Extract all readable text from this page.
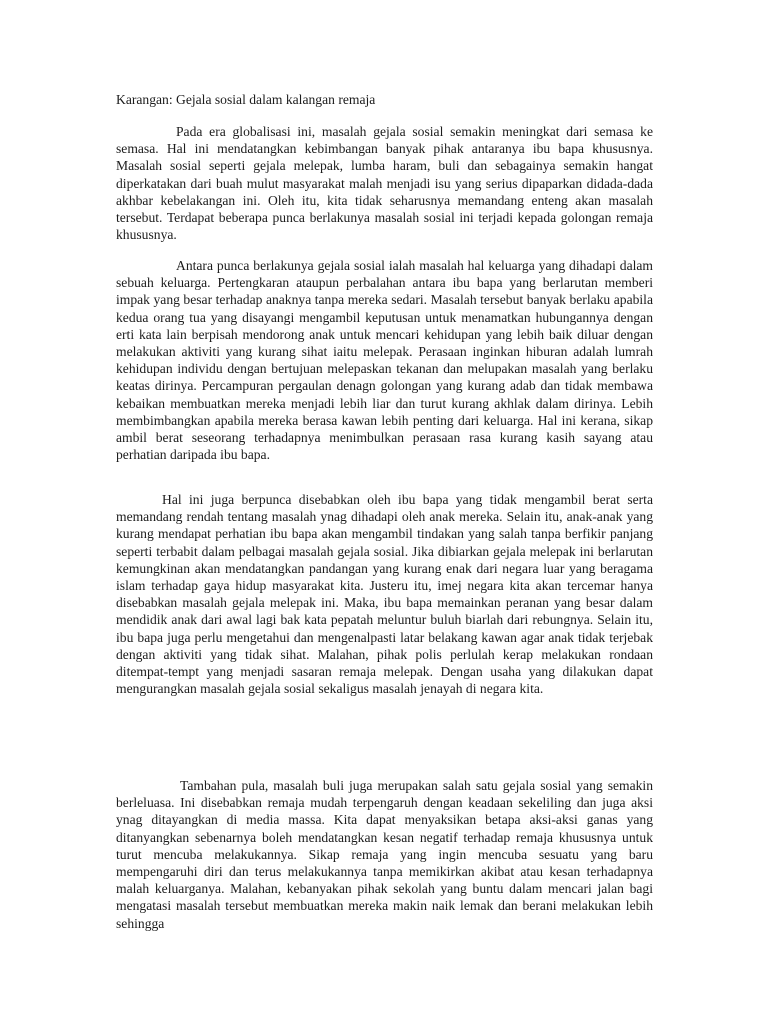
Karangan: Gejala sosial dalam kalangan remaja

Pada era globalisasi ini, masalah gejala sosial semakin meningkat dari semasa ke semasa. Hal ini mendatangkan kebimbangan banyak pihak antaranya ibu bapa khususnya. Masalah sosial seperti gejala melepak, lumba haram, buli dan sebagainya semakin hangat diperkatakan dari buah mulut masyarakat malah menjadi isu yang serius dipaparkan didada-dada akhbar kebelakangan ini. Oleh itu, kita tidak seharusnya memandang enteng akan masalah tersebut. Terdapat beberapa punca berlakunya masalah sosial ini terjadi kepada golongan remaja khususnya.

Antara punca berlakunya gejala sosial ialah masalah hal keluarga yang dihadapi dalam sebuah keluarga. Pertengkaran ataupun perbalahan antara ibu bapa yang berlarutan memberi impak yang besar terhadap anaknya tanpa mereka sedari. Masalah tersebut banyak berlaku apabila kedua orang tua yang disayangi mengambil keputusan untuk menamatkan hubungannya dengan erti kata lain berpisah mendorong anak untuk mencari kehidupan yang lebih baik diluar dengan melakukan aktiviti yang kurang sihat iaitu melepak. Perasaan inginkan hiburan adalah lumrah kehidupan individu dengan bertujuan melepaskan tekanan dan melupakan masalah yang berlaku keatas dirinya. Percampuran pergaulan denagn golongan yang kurang adab dan tidak membawa kebaikan membuatkan mereka menjadi lebih liar dan turut kurang akhlak dalam dirinya. Lebih membimbangkan apabila mereka berasa kawan lebih penting dari keluarga. Hal ini kerana, sikap ambil berat seseorang terhadapnya menimbulkan perasaan rasa kurang kasih sayang atau perhatian daripada ibu bapa.

Hal ini juga berpunca disebabkan oleh ibu bapa yang tidak mengambil berat serta memandang rendah tentang masalah ynag dihadapi oleh anak mereka. Selain itu, anak-anak yang kurang mendapat perhatian ibu bapa akan mengambil tindakan yang salah tanpa berfikir panjang seperti terbabit dalam pelbagai masalah gejala sosial. Jika dibiarkan gejala melepak ini berlarutan kemungkinan akan mendatangkan pandangan yang kurang enak dari negara luar yang beragama islam terhadap gaya hidup masyarakat kita. Justeru itu, imej negara kita akan tercemar hanya disebabkan masalah gejala melepak ini. Maka, ibu bapa memainkan peranan yang besar dalam mendidik anak dari awal lagi bak kata pepatah meluntur buluh biarlah dari rebungnya. Selain itu, ibu bapa juga perlu mengetahui dan mengenalpasti latar belakang kawan agar anak tidak terjebak dengan aktiviti yang tidak sihat. Malahan, pihak polis perlulah kerap melakukan rondaan ditempat-tempt yang menjadi sasaran remaja melepak. Dengan usaha yang dilakukan dapat mengurangkan masalah gejala sosial sekaligus masalah jenayah di negara kita.

Tambahan pula, masalah buli juga merupakan salah satu gejala sosial yang semakin berleluasa. Ini disebabkan remaja mudah terpengaruh dengan keadaan sekeliling dan juga aksi ynag ditayangkan di media massa. Kita dapat menyaksikan betapa aksi-aksi ganas yang ditanyangkan sebenarnya boleh mendatangkan kesan negatif terhadap remaja khususnya untuk turut mencuba melakukannya. Sikap remaja yang ingin mencuba sesuatu yang baru mempengaruhi diri dan terus melakukannya tanpa memikirkan akibat atau kesan terhadapnya malah keluarganya. Malahan, kebanyakan pihak sekolah yang buntu dalam mencari jalan bagi mengatasi masalah tersebut membuatkan mereka makin naik lemak dan berani melakukan lebih sehingga
